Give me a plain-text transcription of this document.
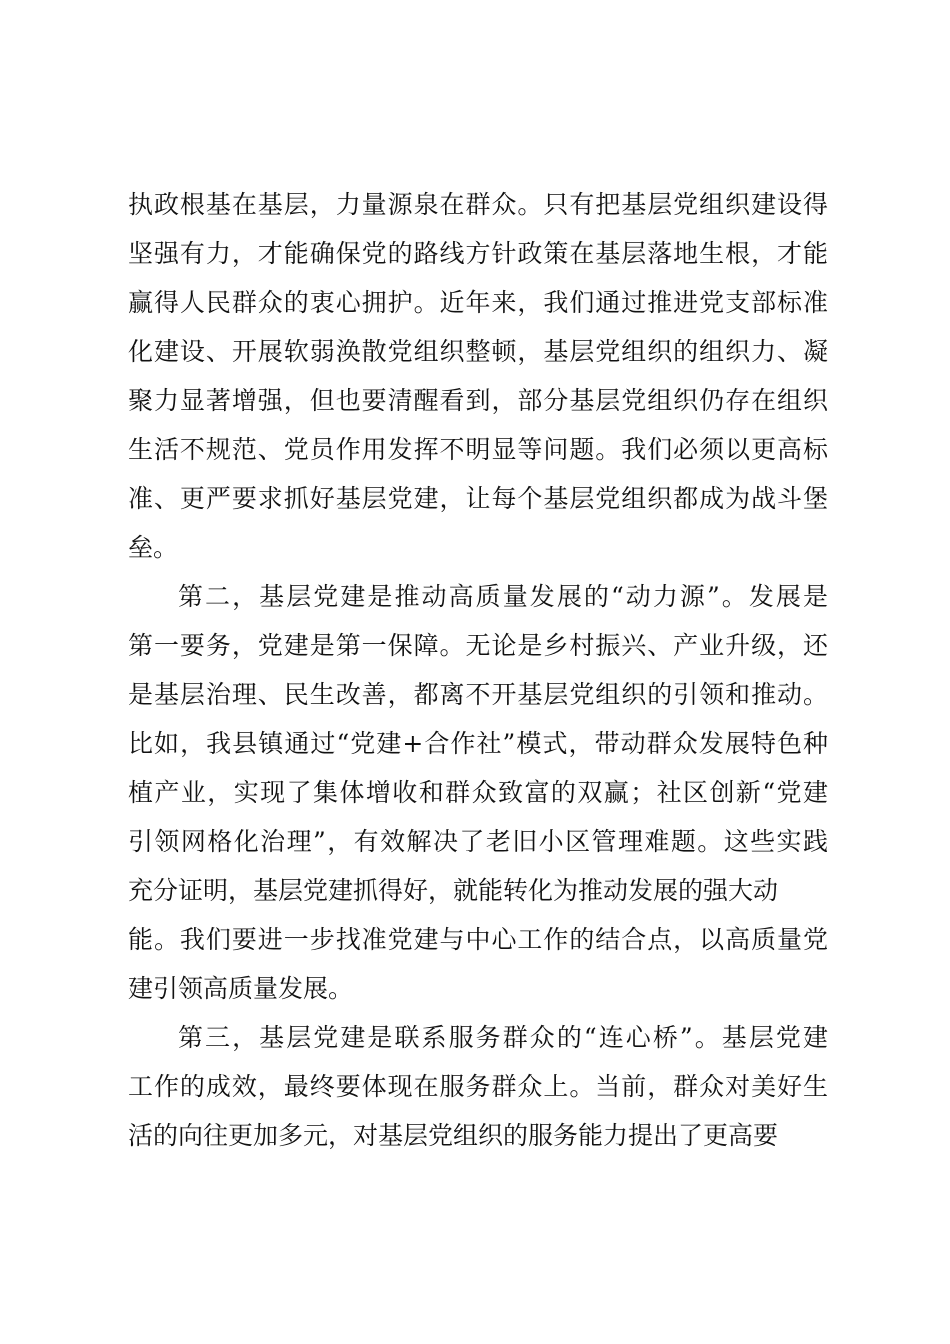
执政根基在基层，力量源泉在群众。只有把基层党组织建设得
坚强有力，才能确保党的路线方针政策在基层落地生根，才能
赢得人民群众的衷心拥护。近年来，我们通过推进党支部标准
化建设、开展软弱涣散党组织整顿，基层党组织的组织力、凝
聚力显著增强，但也要清醒看到，部分基层党组织仍存在组织
生活不规范、党员作用发挥不明显等问题。我们必须以更高标
准、更严要求抓好基层党建，让每个基层党组织都成为战斗堡
垒。
第二，基层党建是推动高质量发展的“动力源”。发展是
第一要务，党建是第一保障。无论是乡村振兴、产业升级，还
是基层治理、民生改善，都离不开基层党组织的引领和推动。
比如，我县镇通过“党建+合作社”模式，带动群众发展特色种
植产业，实现了集体增收和群众致富的双赢；社区创新“党建
引领网格化治理”，有效解决了老旧小区管理难题。这些实践
充分证明，基层党建抓得好，就能转化为推动发展的强大动
能。我们要进一步找准党建与中心工作的结合点，以高质量党
建引领高质量发展。
第三，基层党建是联系服务群众的“连心桥”。基层党建
工作的成效，最终要体现在服务群众上。当前，群众对美好生
活的向往更加多元，对基层党组织的服务能力提出了更高要
